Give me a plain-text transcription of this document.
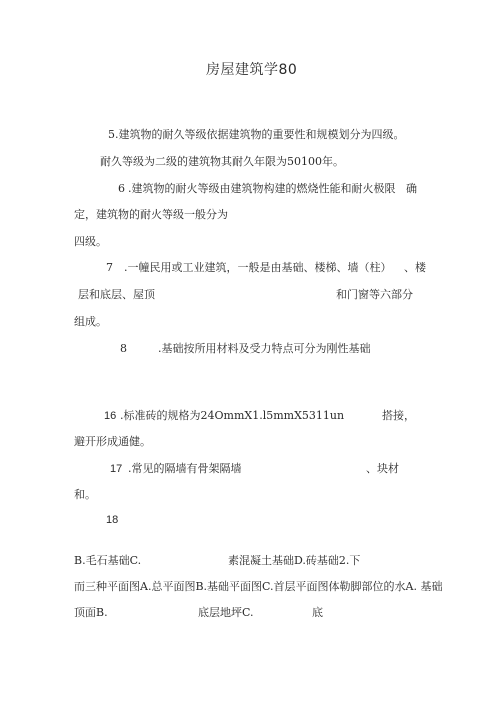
房屋建筑学80
5.建筑物的耐久等级依据建筑物的重要性和规模划分为四级。
耐久等级为二级的建筑物其耐久年限为50100年。
6 .建筑物的耐火等级由建筑物构建的燃烧性能和耐火极限 确
定，建筑物的耐火等级一般分为
四级。
7 .一幢民用或工业建筑，一般是由基础、楼梯、墙（柱） 、楼
层和底层、屋顶	和门窗等六部分
组成。
8	.基础按所用材料及受力特点可分为刚性基础
16 .标准砖的规格为24OmmX1.l5mmX5311un	搭接，
避开形成通健。
17 .常见的隔墙有骨架隔墙	、块材
和。
18
B.毛石基础C.	素混凝土基础D.砖基础2.下
而三种平面图A.总平面图B.基础平面图C.首层平面图体勒脚部位的水A. 基础
顶面B.	底层地坪C.	底
